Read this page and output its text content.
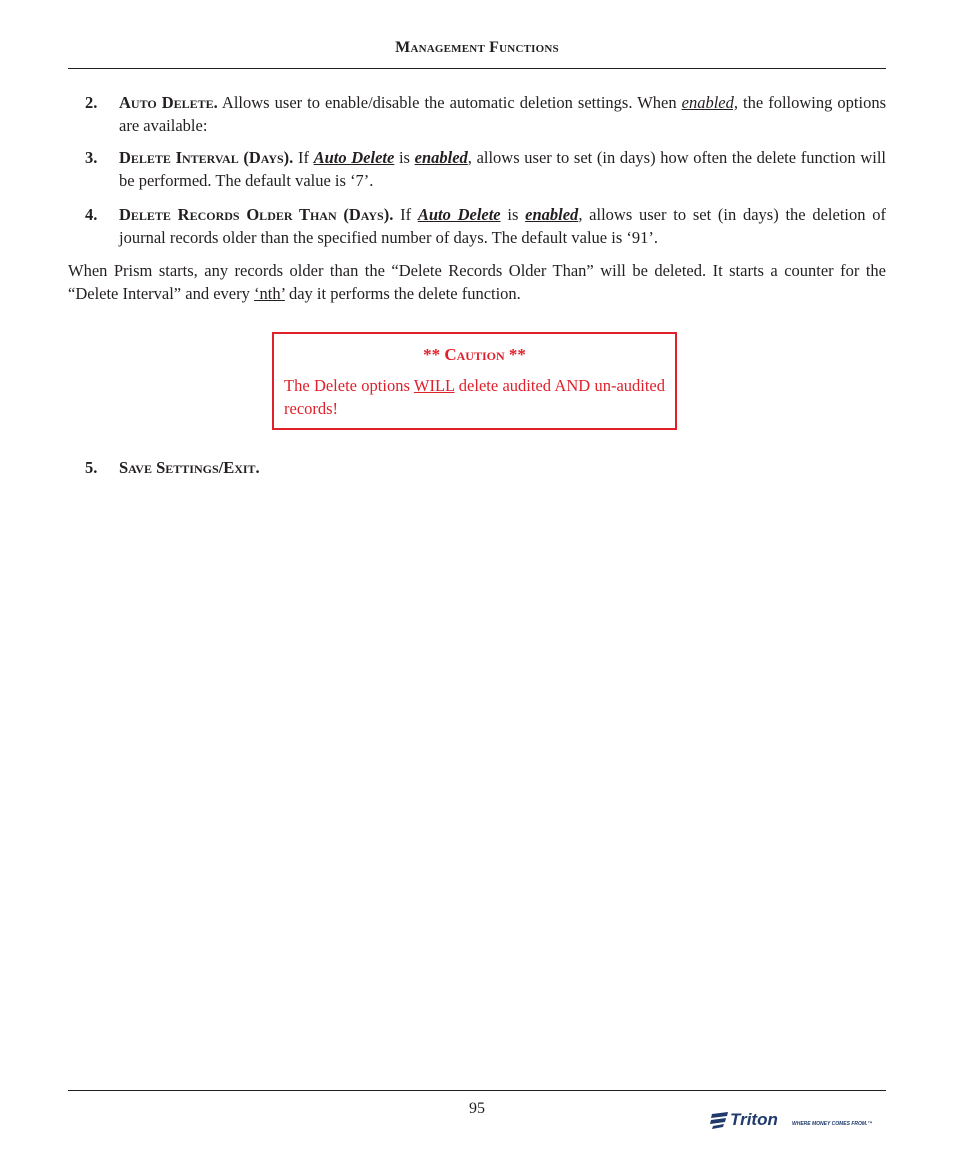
Management Functions
2.	Auto Delete. Allows user to enable/disable the automatic deletion settings. When enabled, the following options are available:
3.	Delete Interval (Days). If Auto Delete is enabled, allows user to set (in days) how often the delete function will be performed. The default value is ‘7’.
4.	Delete Records Older Than (Days). If Auto Delete is enabled, allows user to set (in days) the deletion of journal records older than the specified number of days. The default value is ‘91’.
When Prism starts, any records older than the “Delete Records Older Than” will be deleted. It starts a counter for the “Delete Interval” and every ‘nth’ day it performs the delete function.
** Caution **
The Delete options WILL delete audited AND un-audited records!
5.	Save Settings/Exit.
95
Triton	WHERE MONEY COMES FROM.™
